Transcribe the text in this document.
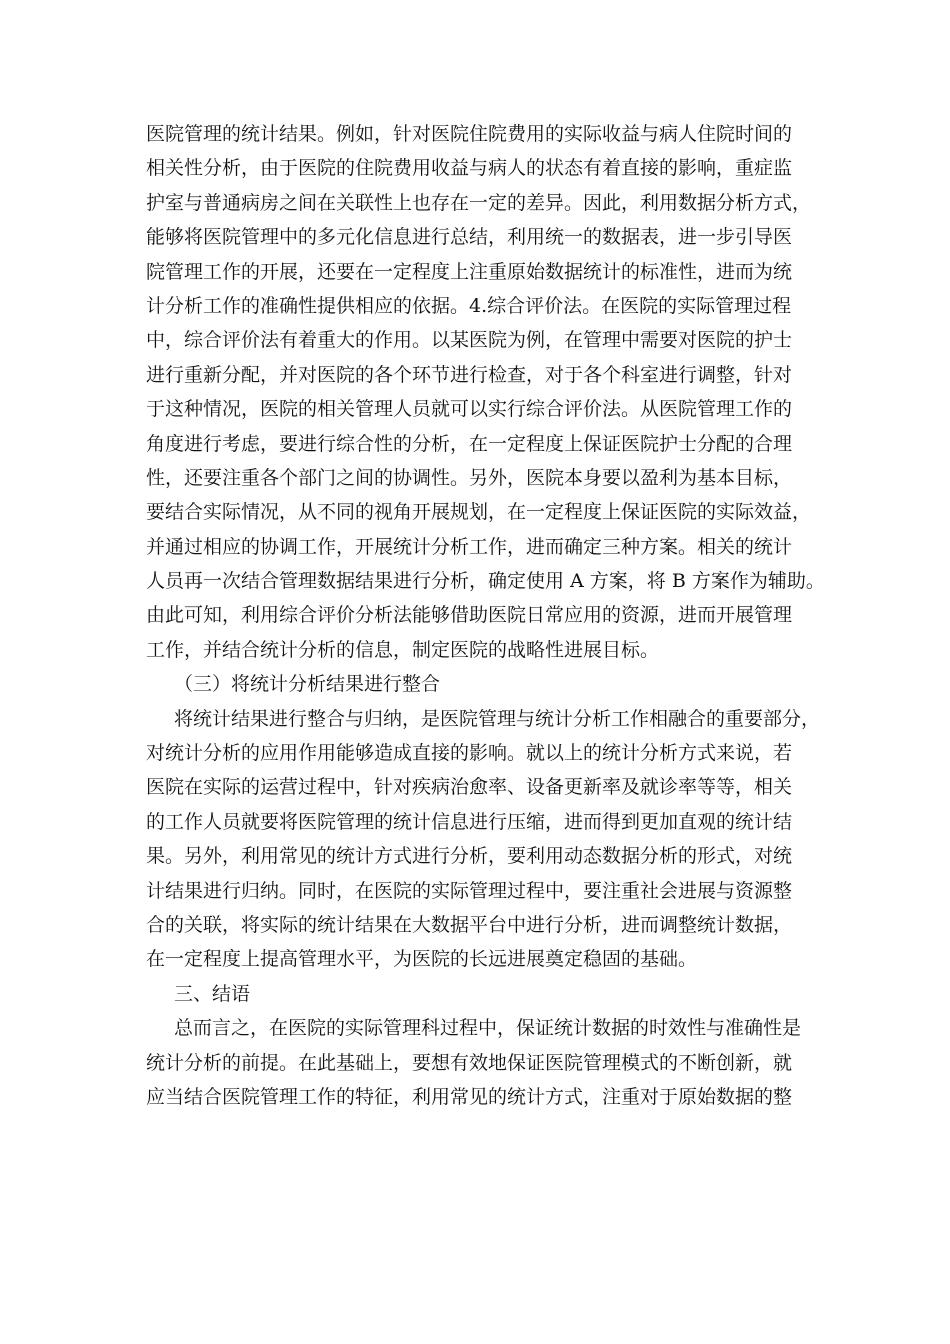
医院管理的统计结果。例如，针对医院住院费用的实际收益与病人住院时间的
相关性分析，由于医院的住院费用收益与病人的状态有着直接的影响，重症监
护室与普通病房之间在关联性上也存在一定的差异。因此，利用数据分析方式，
能够将医院管理中的多元化信息进行总结，利用统一的数据表，进一步引导医
院管理工作的开展，还要在一定程度上注重原始数据统计的标准性，进而为统
计分析工作的准确性提供相应的依据。4.综合评价法。在医院的实际管理过程
中，综合评价法有着重大的作用。以某医院为例，在管理中需要对医院的护士
进行重新分配，并对医院的各个环节进行检查，对于各个科室进行调整，针对
于这种情况，医院的相关管理人员就可以实行综合评价法。从医院管理工作的
角度进行考虑，要进行综合性的分析，在一定程度上保证医院护士分配的合理
性，还要注重各个部门之间的协调性。另外，医院本身要以盈利为基本目标，
要结合实际情况，从不同的视角开展规划，在一定程度上保证医院的实际效益，
并通过相应的协调工作，开展统计分析工作，进而确定三种方案。相关的统计
人员再一次结合管理数据结果进行分析，确定使用 A 方案，将 B 方案作为辅助。
由此可知，利用综合评价分析法能够借助医院日常应用的资源，进而开展管理
工作，并结合统计分析的信息，制定医院的战略性进展目标。
（三）将统计分析结果进行整合
将统计结果进行整合与归纳，是医院管理与统计分析工作相融合的重要部分，
对统计分析的应用作用能够造成直接的影响。就以上的统计分析方式来说，若
医院在实际的运营过程中，针对疾病治愈率、设备更新率及就诊率等等，相关
的工作人员就要将医院管理的统计信息进行压缩，进而得到更加直观的统计结
果。另外，利用常见的统计方式进行分析，要利用动态数据分析的形式，对统
计结果进行归纳。同时，在医院的实际管理过程中，要注重社会进展与资源整
合的关联，将实际的统计结果在大数据平台中进行分析，进而调整统计数据，
在一定程度上提高管理水平，为医院的长远进展奠定稳固的基础。
三、结语
总而言之，在医院的实际管理科过程中，保证统计数据的时效性与准确性是
统计分析的前提。在此基础上，要想有效地保证医院管理模式的不断创新，就
应当结合医院管理工作的特征，利用常见的统计方式，注重对于原始数据的整
